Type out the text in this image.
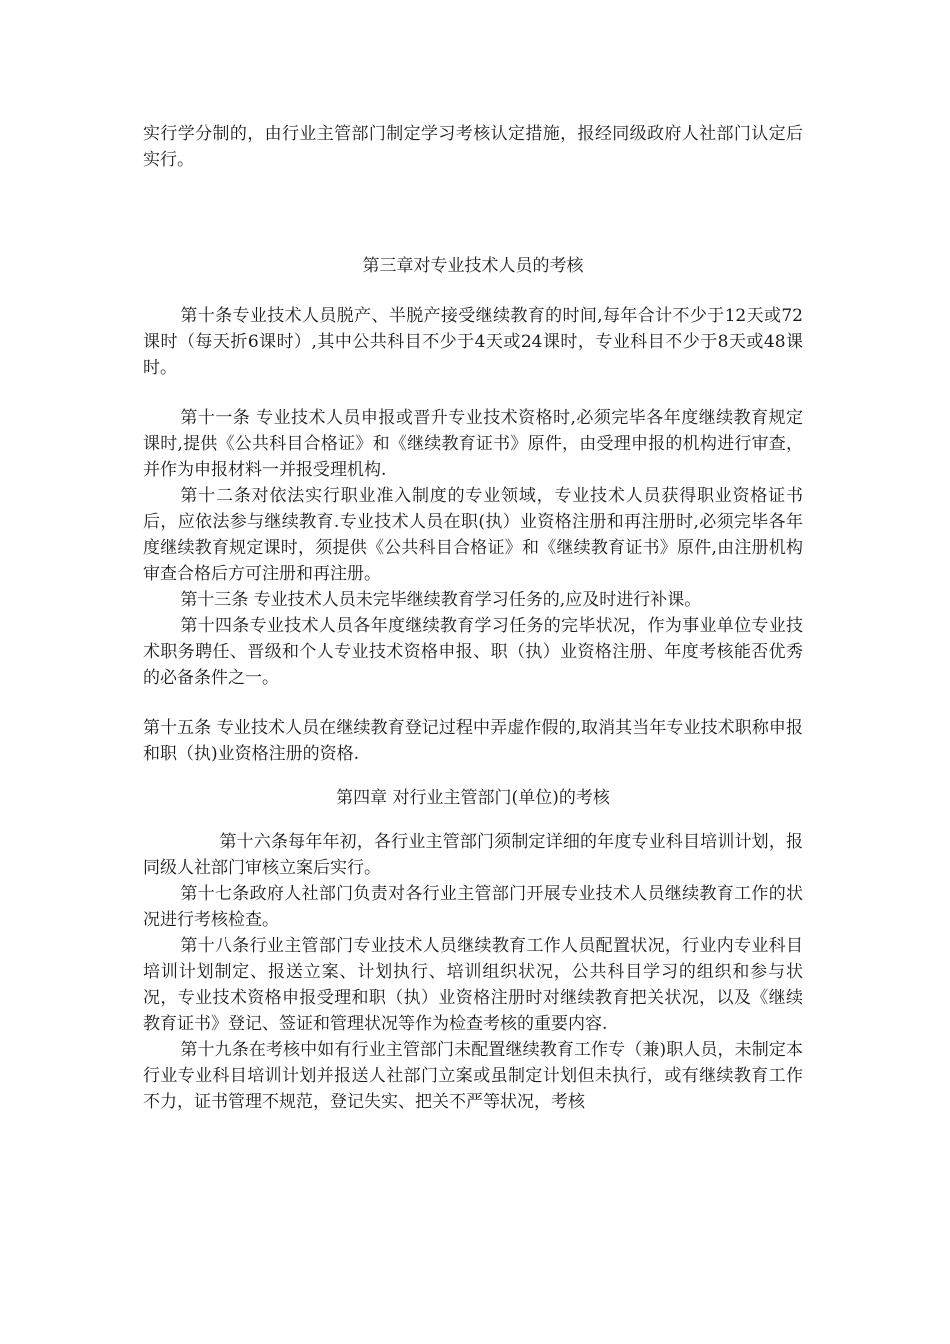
实行学分制的，由行业主管部门制定学习考核认定措施，报经同级政府人社部门认定后实行。

第三章对专业技术人员的考核

第十条专业技术人员脱产、半脱产接受继续教育的时间,每年合计不少于12天或72课时（每天折6课时）,其中公共科目不少于4天或24课时，专业科目不少于8天或48课时。

第十一条 专业技术人员申报或晋升专业技术资格时,必须完毕各年度继续教育规定课时,提供《公共科目合格证》和《继续教育证书》原件，由受理申报的机构进行审查，并作为申报材料一并报受理机构.

第十二条对依法实行职业准入制度的专业领域，专业技术人员获得职业资格证书后，应依法参与继续教育.专业技术人员在职(执）业资格注册和再注册时,必须完毕各年度继续教育规定课时，须提供《公共科目合格证》和《继续教育证书》原件,由注册机构审查合格后方可注册和再注册。

第十三条 专业技术人员未完毕继续教育学习任务的,应及时进行补课。

第十四条专业技术人员各年度继续教育学习任务的完毕状况，作为事业单位专业技术职务聘任、晋级和个人专业技术资格申报、职（执）业资格注册、年度考核能否优秀的必备条件之一。

第十五条 专业技术人员在继续教育登记过程中弄虚作假的,取消其当年专业技术职称申报和职（执)业资格注册的资格.

第四章 对行业主管部门(单位)的考核

第十六条每年年初，各行业主管部门须制定详细的年度专业科目培训计划，报同级人社部门审核立案后实行。

第十七条政府人社部门负责对各行业主管部门开展专业技术人员继续教育工作的状况进行考核检查。

第十八条行业主管部门专业技术人员继续教育工作人员配置状况，行业内专业科目培训计划制定、报送立案、计划执行、培训组织状况，公共科目学习的组织和参与状况，专业技术资格申报受理和职（执）业资格注册时对继续教育把关状况，以及《继续教育证书》登记、签证和管理状况等作为检查考核的重要内容.

第十九条在考核中如有行业主管部门未配置继续教育工作专（兼)职人员，未制定本行业专业科目培训计划并报送人社部门立案或虽制定计划但未执行，或有继续教育工作不力，证书管理不规范，登记失实、把关不严等状况，考核
